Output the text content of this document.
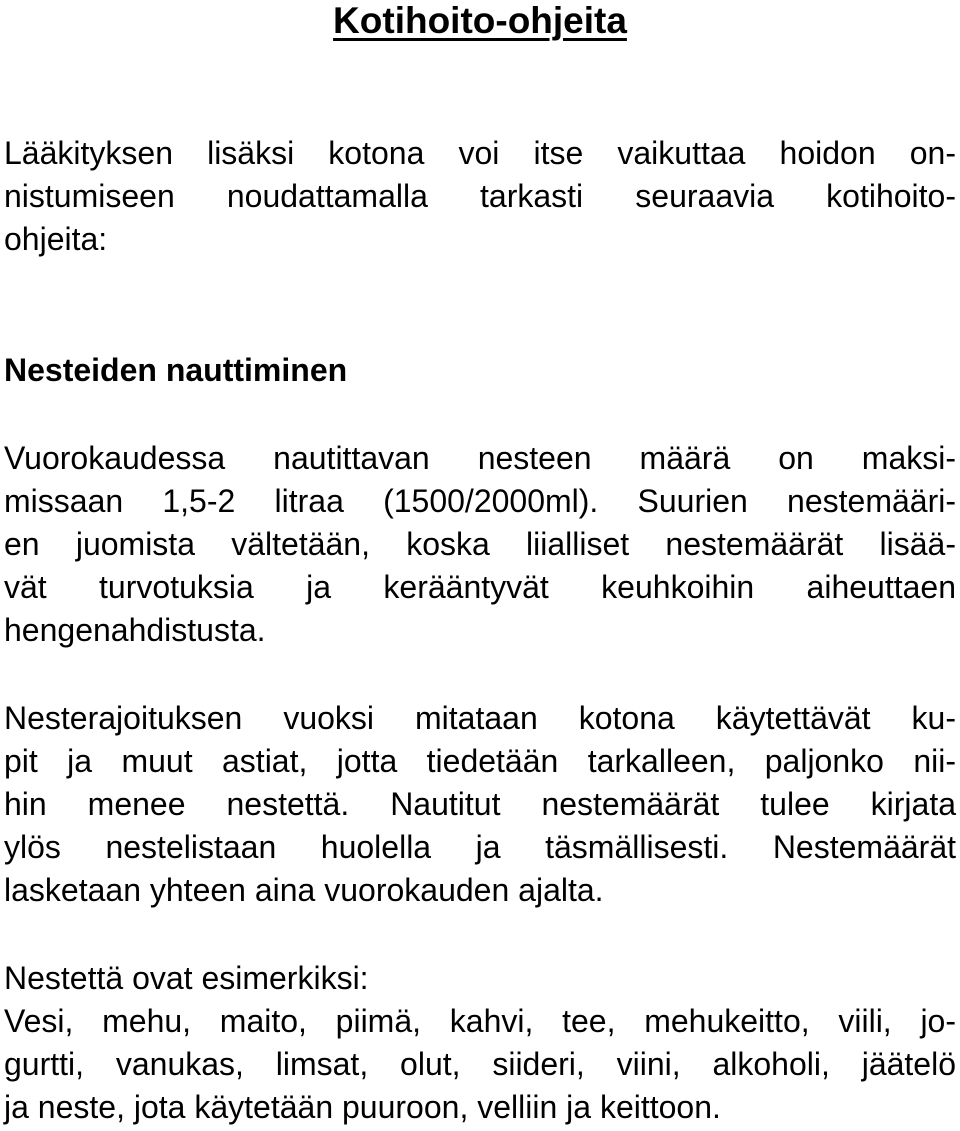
Kotihoito-ohjeita

Lääkityksen lisäksi kotona voi itse vaikuttaa hoidon on-

nistumiseen noudattamalla tarkasti seuraavia kotihoito-

ohjeita:

Nesteiden nauttiminen

Vuorokaudessa nautittavan nesteen määrä on maksi-

missaan 1,5-2 litraa (1500/2000ml). Suurien nestemääri-

en juomista vältetään, koska liialliset nestemäärät lisää-

vät turvotuksia ja kerääntyvät keuhkoihin aiheuttaen

hengenahdistusta.

Nesterajoituksen vuoksi mitataan kotona käytettävät ku-

pit ja muut astiat, jotta tiedetään tarkalleen, paljonko nii-

hin menee nestettä. Nautitut nestemäärät tulee kirjata

ylös nestelistaan huolella ja täsmällisesti. Nestemäärät

lasketaan yhteen aina vuorokauden ajalta.

Nestettä ovat esimerkiksi:

Vesi, mehu, maito, piimä, kahvi, tee, mehukeitto, viili, jo-

gurtti, vanukas, limsat, olut, siideri, viini, alkoholi, jäätelö

ja neste, jota käytetään puuroon, velliin ja keittoon.
